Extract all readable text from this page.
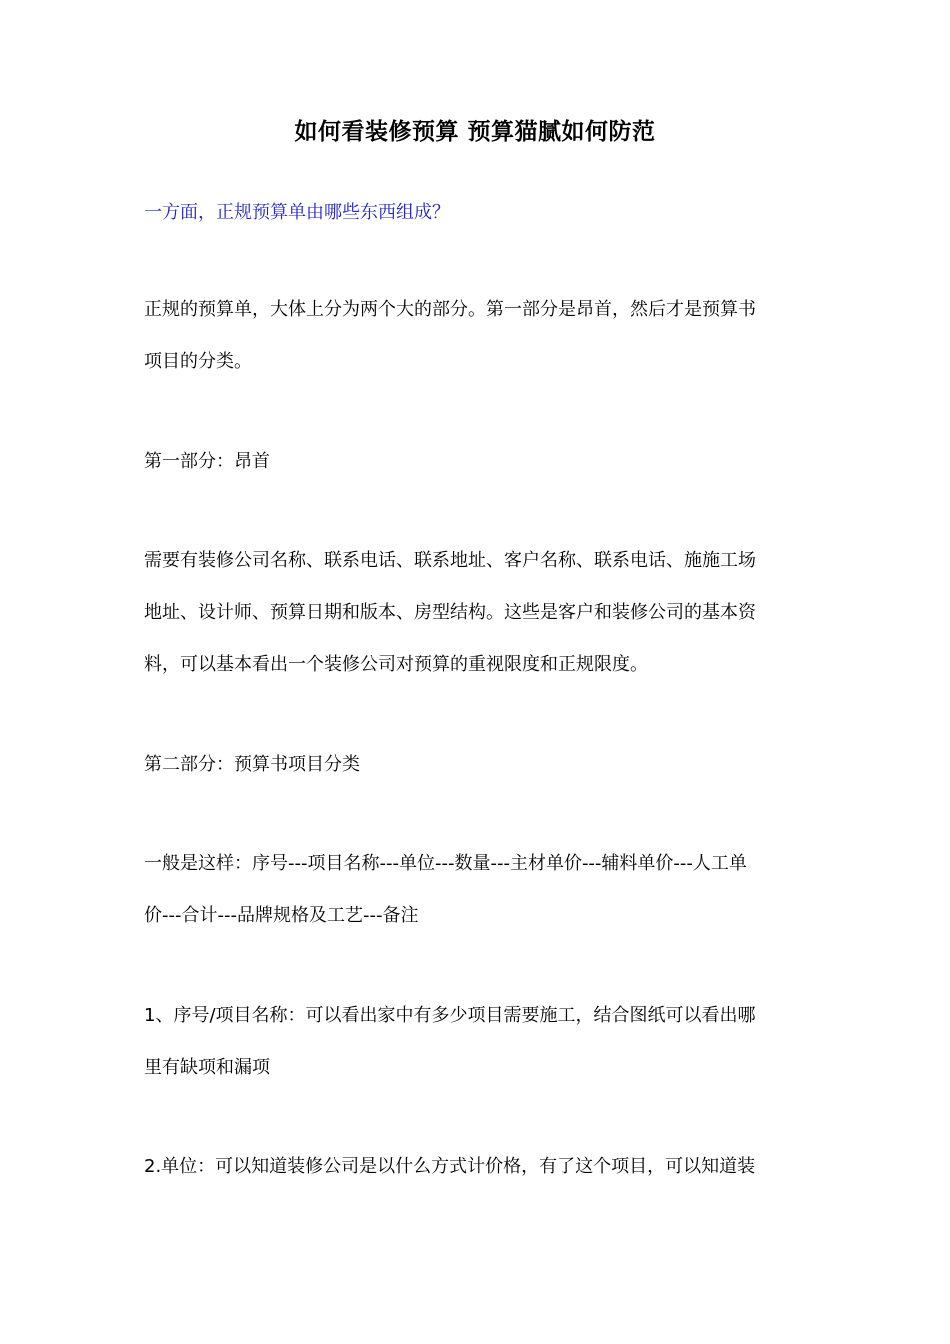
如何看装修预算 预算猫腻如何防范
一方面，正规预算单由哪些东西组成？
正规的预算单，大体上分为两个大的部分。第一部分是昂首，然后才是预算书
项目的分类。
第一部分：昂首
需要有装修公司名称、联系电话、联系地址、客户名称、联系电话、施施工场
地址、设计师、预算日期和版本、房型结构。这些是客户和装修公司的基本资
料，可以基本看出一个装修公司对预算的重视限度和正规限度。
第二部分：预算书项目分类
一般是这样：序号---项目名称---单位---数量---主材单价---辅料单价---人工单
价---合计---品牌规格及工艺---备注
1、序号/项目名称：可以看出家中有多少项目需要施工，结合图纸可以看出哪
里有缺项和漏项
2.单位：可以知道装修公司是以什么方式计价格，有了这个项目，可以知道装
